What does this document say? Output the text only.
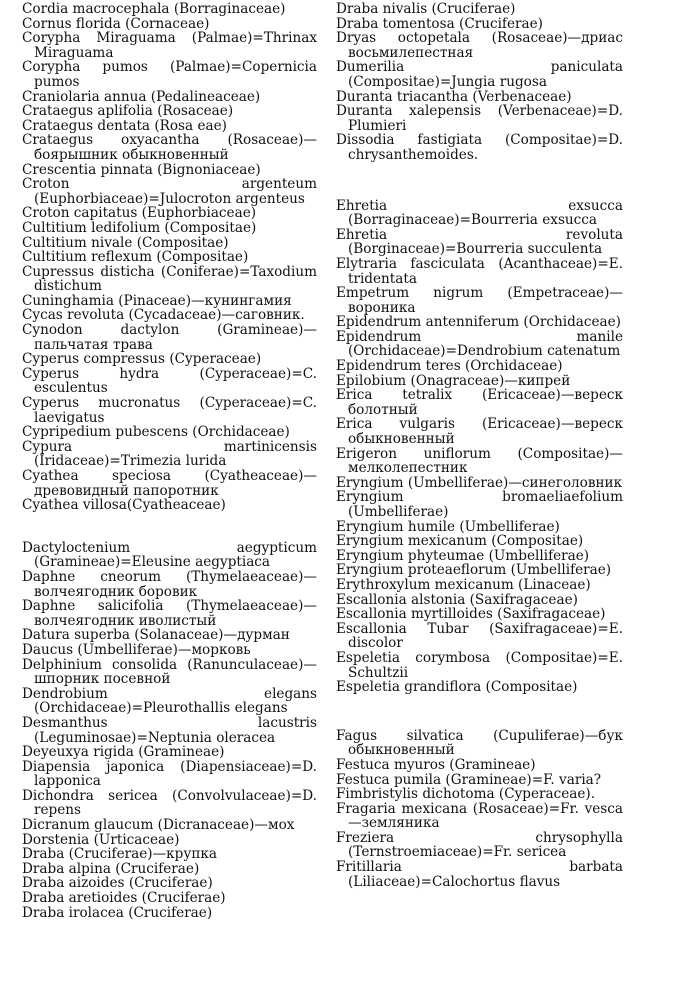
Cordia macrocephala (Borraginaceae)

Cornus florida (Cornaceae)

Corypha Miraguama (Palmae)=Thrinax Miraguama

Corypha pumos (Palmae)=Copernicia pumos

Craniolaria annua (Pedalineaceae)

Crataegus aplifolia (Rosaceae)

Crataegus dentata (Rosa eae)

Crataegus oxyacantha (Rosaceae)—боярышник обыкновенный

Crescentia pinnata (Bignoniaceae)

Croton argenteum (Euphorbiaceae)=Julocroton argenteus

Croton capitatus (Euphorbiaceae)

Cultitium ledifolium (Compositae)

Cultitium nivale (Compositae)

Cultitium reflexum (Compositae)

Cupressus disticha (Coniferae)=Taxodium distichum

Cuninghamia (Pinaceae)—кунингамия

Cycas revoluta (Cycadaceae)—саговник.

Cynodon dactylon (Gramineae)—пальчатая трава

Cyperus compressus (Cyperaceae)

Cyperus hydra (Cyperaceae)=C. esculentus

Cyperus mucronatus (Cyperaceae)=C. laevigatus

Cypripedium pubescens (Orchidaceae)

Cypura martinicensis (Iridaceae)=Trimezia lurida

Cyathea speciosa (Cyatheaceae)—древовидный папоротник

Cyathea villosa(Cyatheaceae)

Dactyloctenium aegypticum (Gramineae)=Eleusine aegyptiaca

Daphne cneorum (Thymelaeaceae)—волчеягодник боровик

Daphne salicifolia (Thymelaeaceae)—волчеягодник иволистый

Datura superba (Solanaceae)—дурман

Daucus (Umbelliferae)—морковь

Delphinium consolida (Ranunculaceae)—шпорник посевной

Dendrobium elegans (Orchidaceae)=Pleurothallis elegans

Desmanthus lacustris (Leguminosae)=Neptunia oleracea

Deyeuxya rigida (Gramineae)

Diapensia japonica (Diapensiaceae)=D. lapponica

Dichondra sericea (Convolvulaceae)=D. repens

Dicranum glaucum (Dicranaceae)—мох

Dorstenia (Urticaceae)

Draba (Cruciferae)—крупка

Draba alpina (Cruciferae)

Draba aizoides (Cruciferae)

Draba aretioides (Cruciferae)

Draba irolacea (Cruciferae)

Draba nivalis (Cruciferae)

Draba tomentosa (Cruciferae)

Dryas octopetala (Rosaceae)—дриас восьмилепестная

Dumerilia paniculata (Compositae)=Jungia rugosa

Duranta triacantha (Verbenaceae)

Duranta xalepensis (Verbenaceae)=D. Plumieri

Dissodia fastigiata (Compositae)=D. chrysanthemoides.

Ehretia exsucca (Borraginaceae)=Bourreria exsucca

Ehretia revoluta (Borginaceae)=Bourreria succulenta

Elytraria fasciculata (Acanthaceae)=E. tridentata

Empetrum nigrum (Empetraceae)—вороника

Epidendrum antenniferum (Orchidaceae)

Epidendrum manile (Orchidaceae)=Dendrobium catenatum

Epidendrum teres (Orchidaceae)

Epilobium (Onagraceae)—кипрей

Erica tetralix (Ericaceae)—вереск болотный

Erica vulgaris (Ericaceae)—вереск обыкновенный

Erigeron uniflorum (Compositae)—мелколепестник

Eryngium (Umbelliferae)—синеголовник

Eryngium bromaeliaefolium (Umbelliferae)

Eryngium humile (Umbelliferae)

Eryngium mexicanum (Compositae)

Eryngium phyteumae (Umbelliferae)

Eryngium proteaeflorum (Umbelliferae)

Erythroxylum mexicanum (Linaceae)

Escallonia alstonia (Saxifragaceae)

Escallonia myrtilloides (Saxifragaceae)

Escallonia Tubar (Saxifragaceae)=E. discolor

Espeletia corymbosa (Compositae)=E. Schultzii

Espeletia grandiflora (Compositae)

Fagus silvatica (Cupuliferae)—бук обыкновенный

Festuca myuros (Gramineae)

Festuca pumila (Gramineae)=F. varia?

Fimbristylis dichotoma (Cyperaceae).

Fragaria mexicana (Rosaceae)=Fr. vesca—земляника

Freziera chrysophylla (Ternstroemiaceae)=Fr. sericea

Fritillaria barbata (Liliaceae)=Calochortus flavus
